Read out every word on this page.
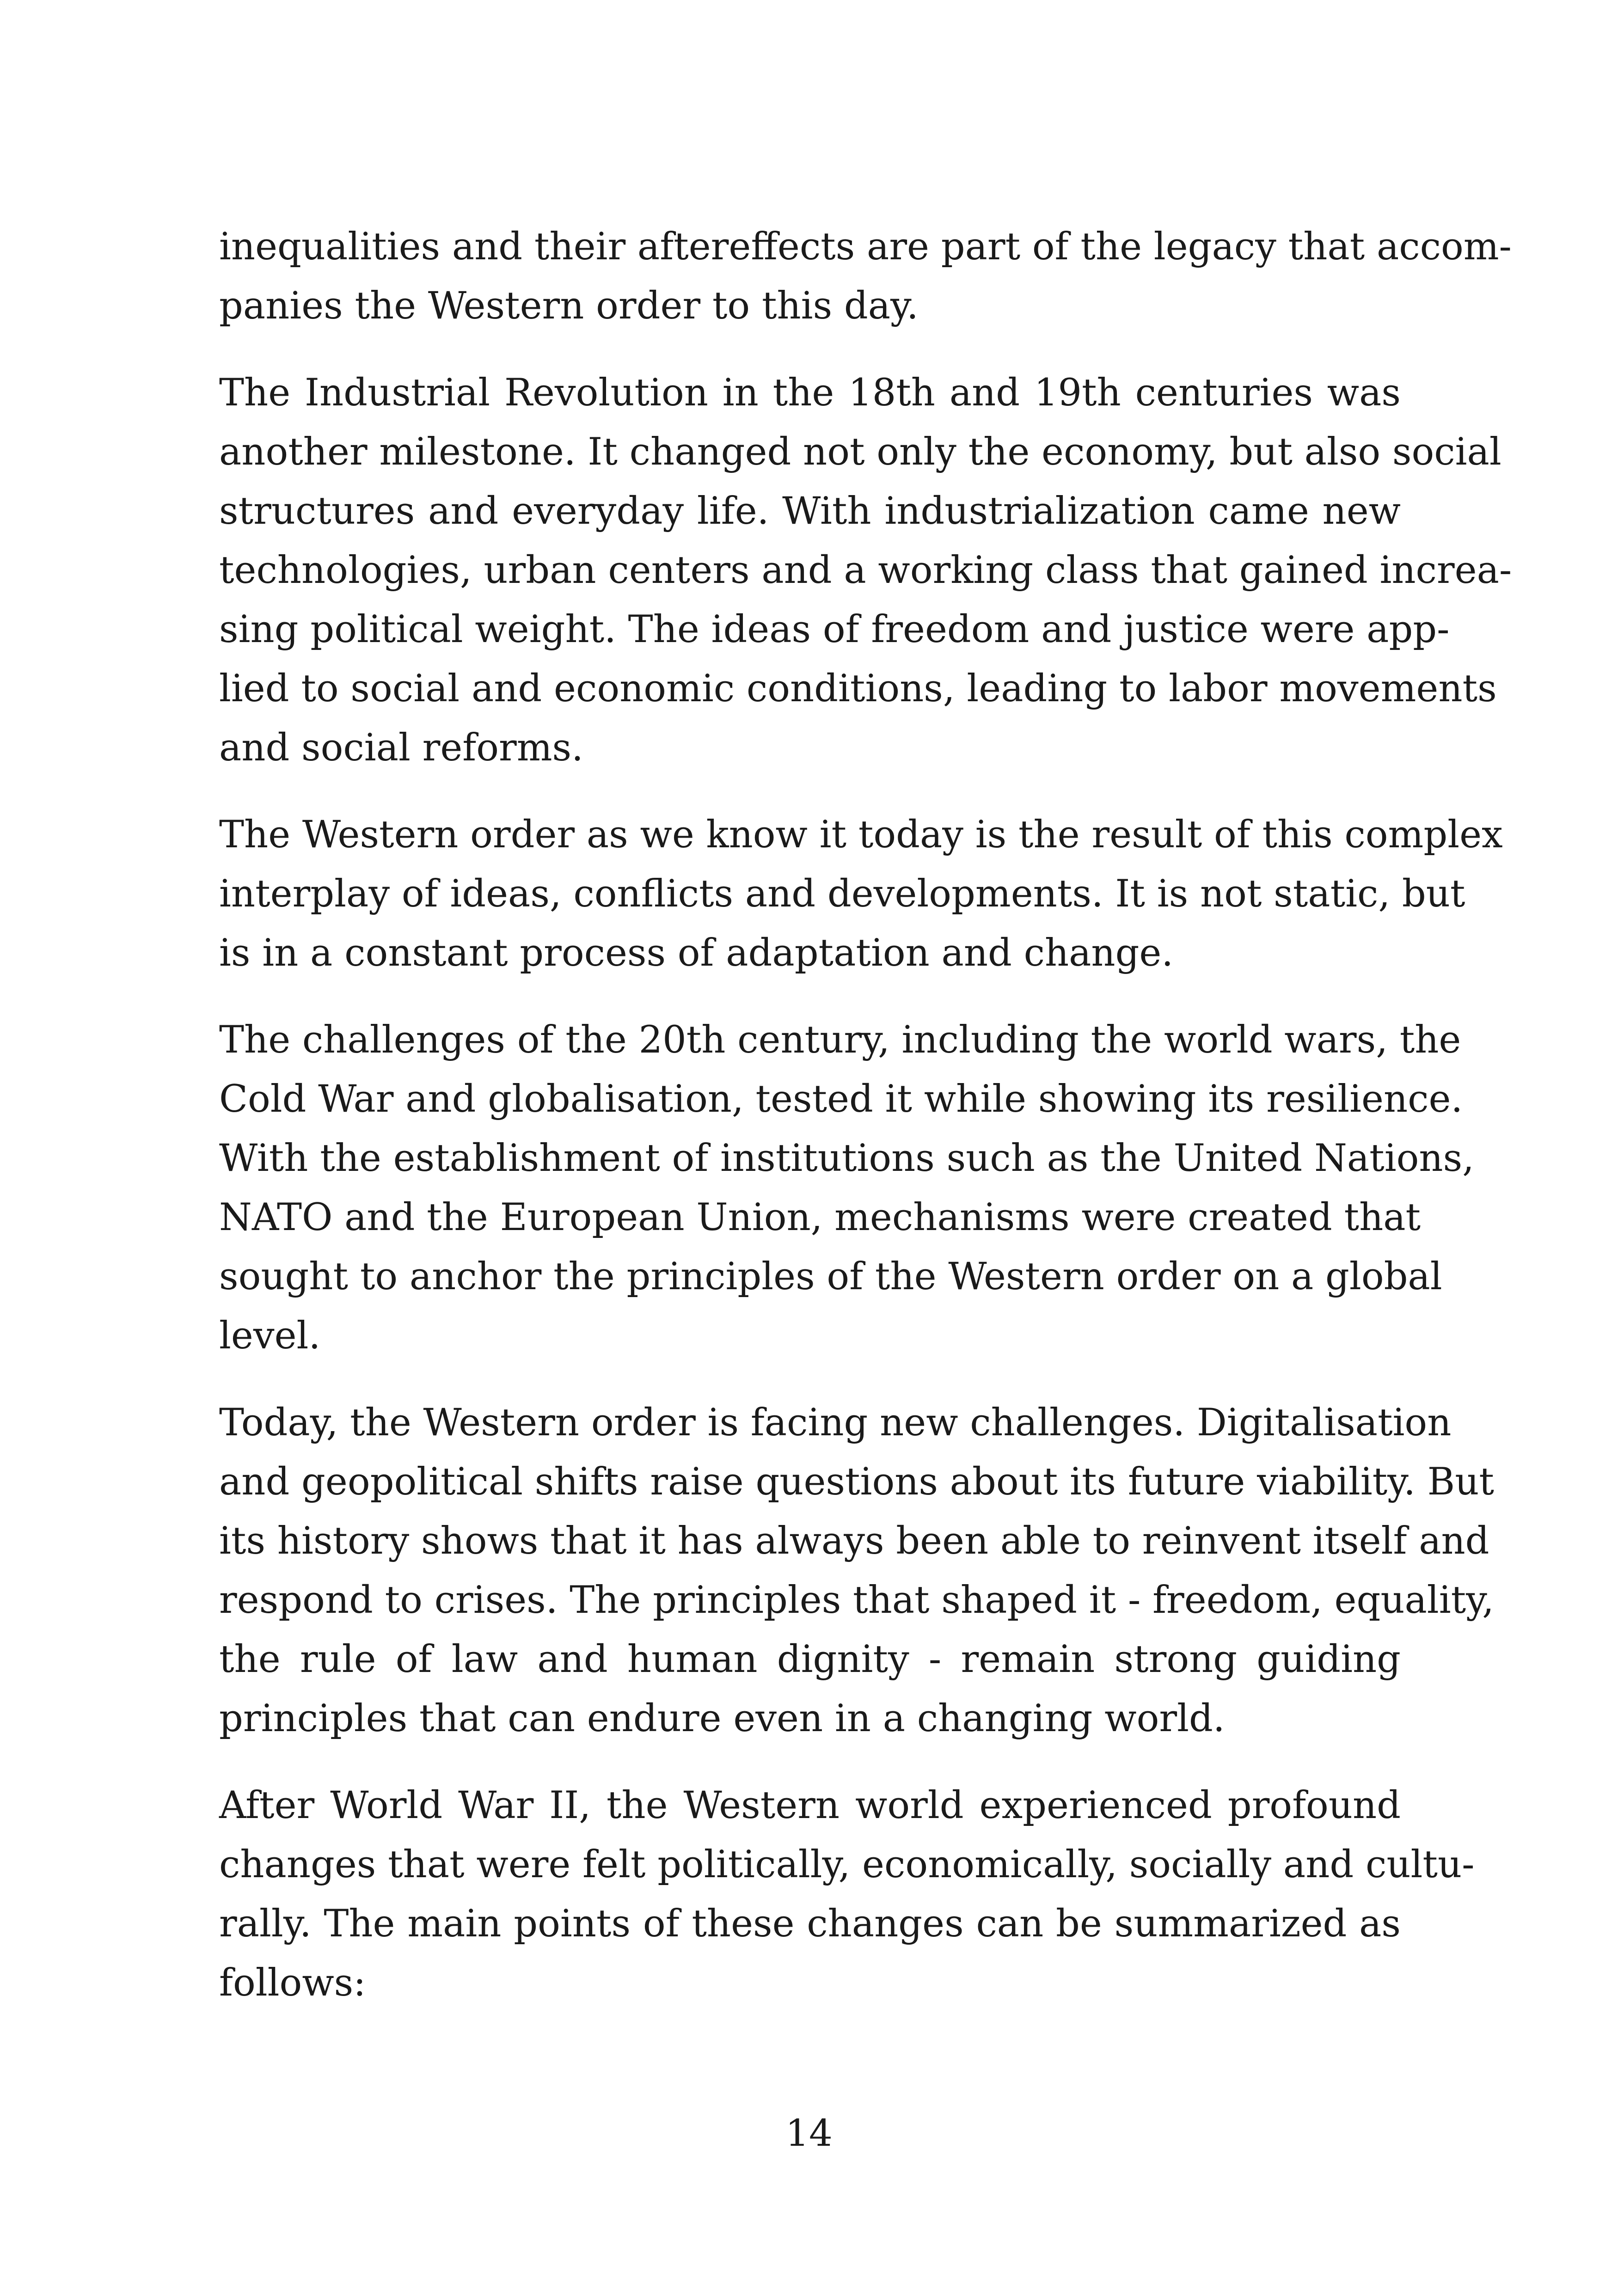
inequalities and their aftereffects are part of the legacy that accom-
panies the Western order to this day.

The Industrial Revolution in the 18th and 19th centuries was
another milestone. It changed not only the economy, but also social
structures and everyday life. With industrialization came new
technologies, urban centers and a working class that gained increa-
sing political weight. The ideas of freedom and justice were app-
lied to social and economic conditions, leading to labor movements
and social reforms.

The Western order as we know it today is the result of this complex
interplay of ideas, conflicts and developments. It is not static, but
is in a constant process of adaptation and change.

The challenges of the 20th century, including the world wars, the
Cold War and globalisation, tested it while showing its resilience.
With the establishment of institutions such as the United Nations,
NATO and the European Union, mechanisms were created that
sought to anchor the principles of the Western order on a global
level.

Today, the Western order is facing new challenges. Digitalisation
and geopolitical shifts raise questions about its future viability. But
its history shows that it has always been able to reinvent itself and
respond to crises. The principles that shaped it - freedom, equality,
the rule of law and human dignity - remain strong guiding
principles that can endure even in a changing world.

After World War II, the Western world experienced profound
changes that were felt politically, economically, socially and cultu-
rally. The main points of these changes can be summarized as
follows:

14
